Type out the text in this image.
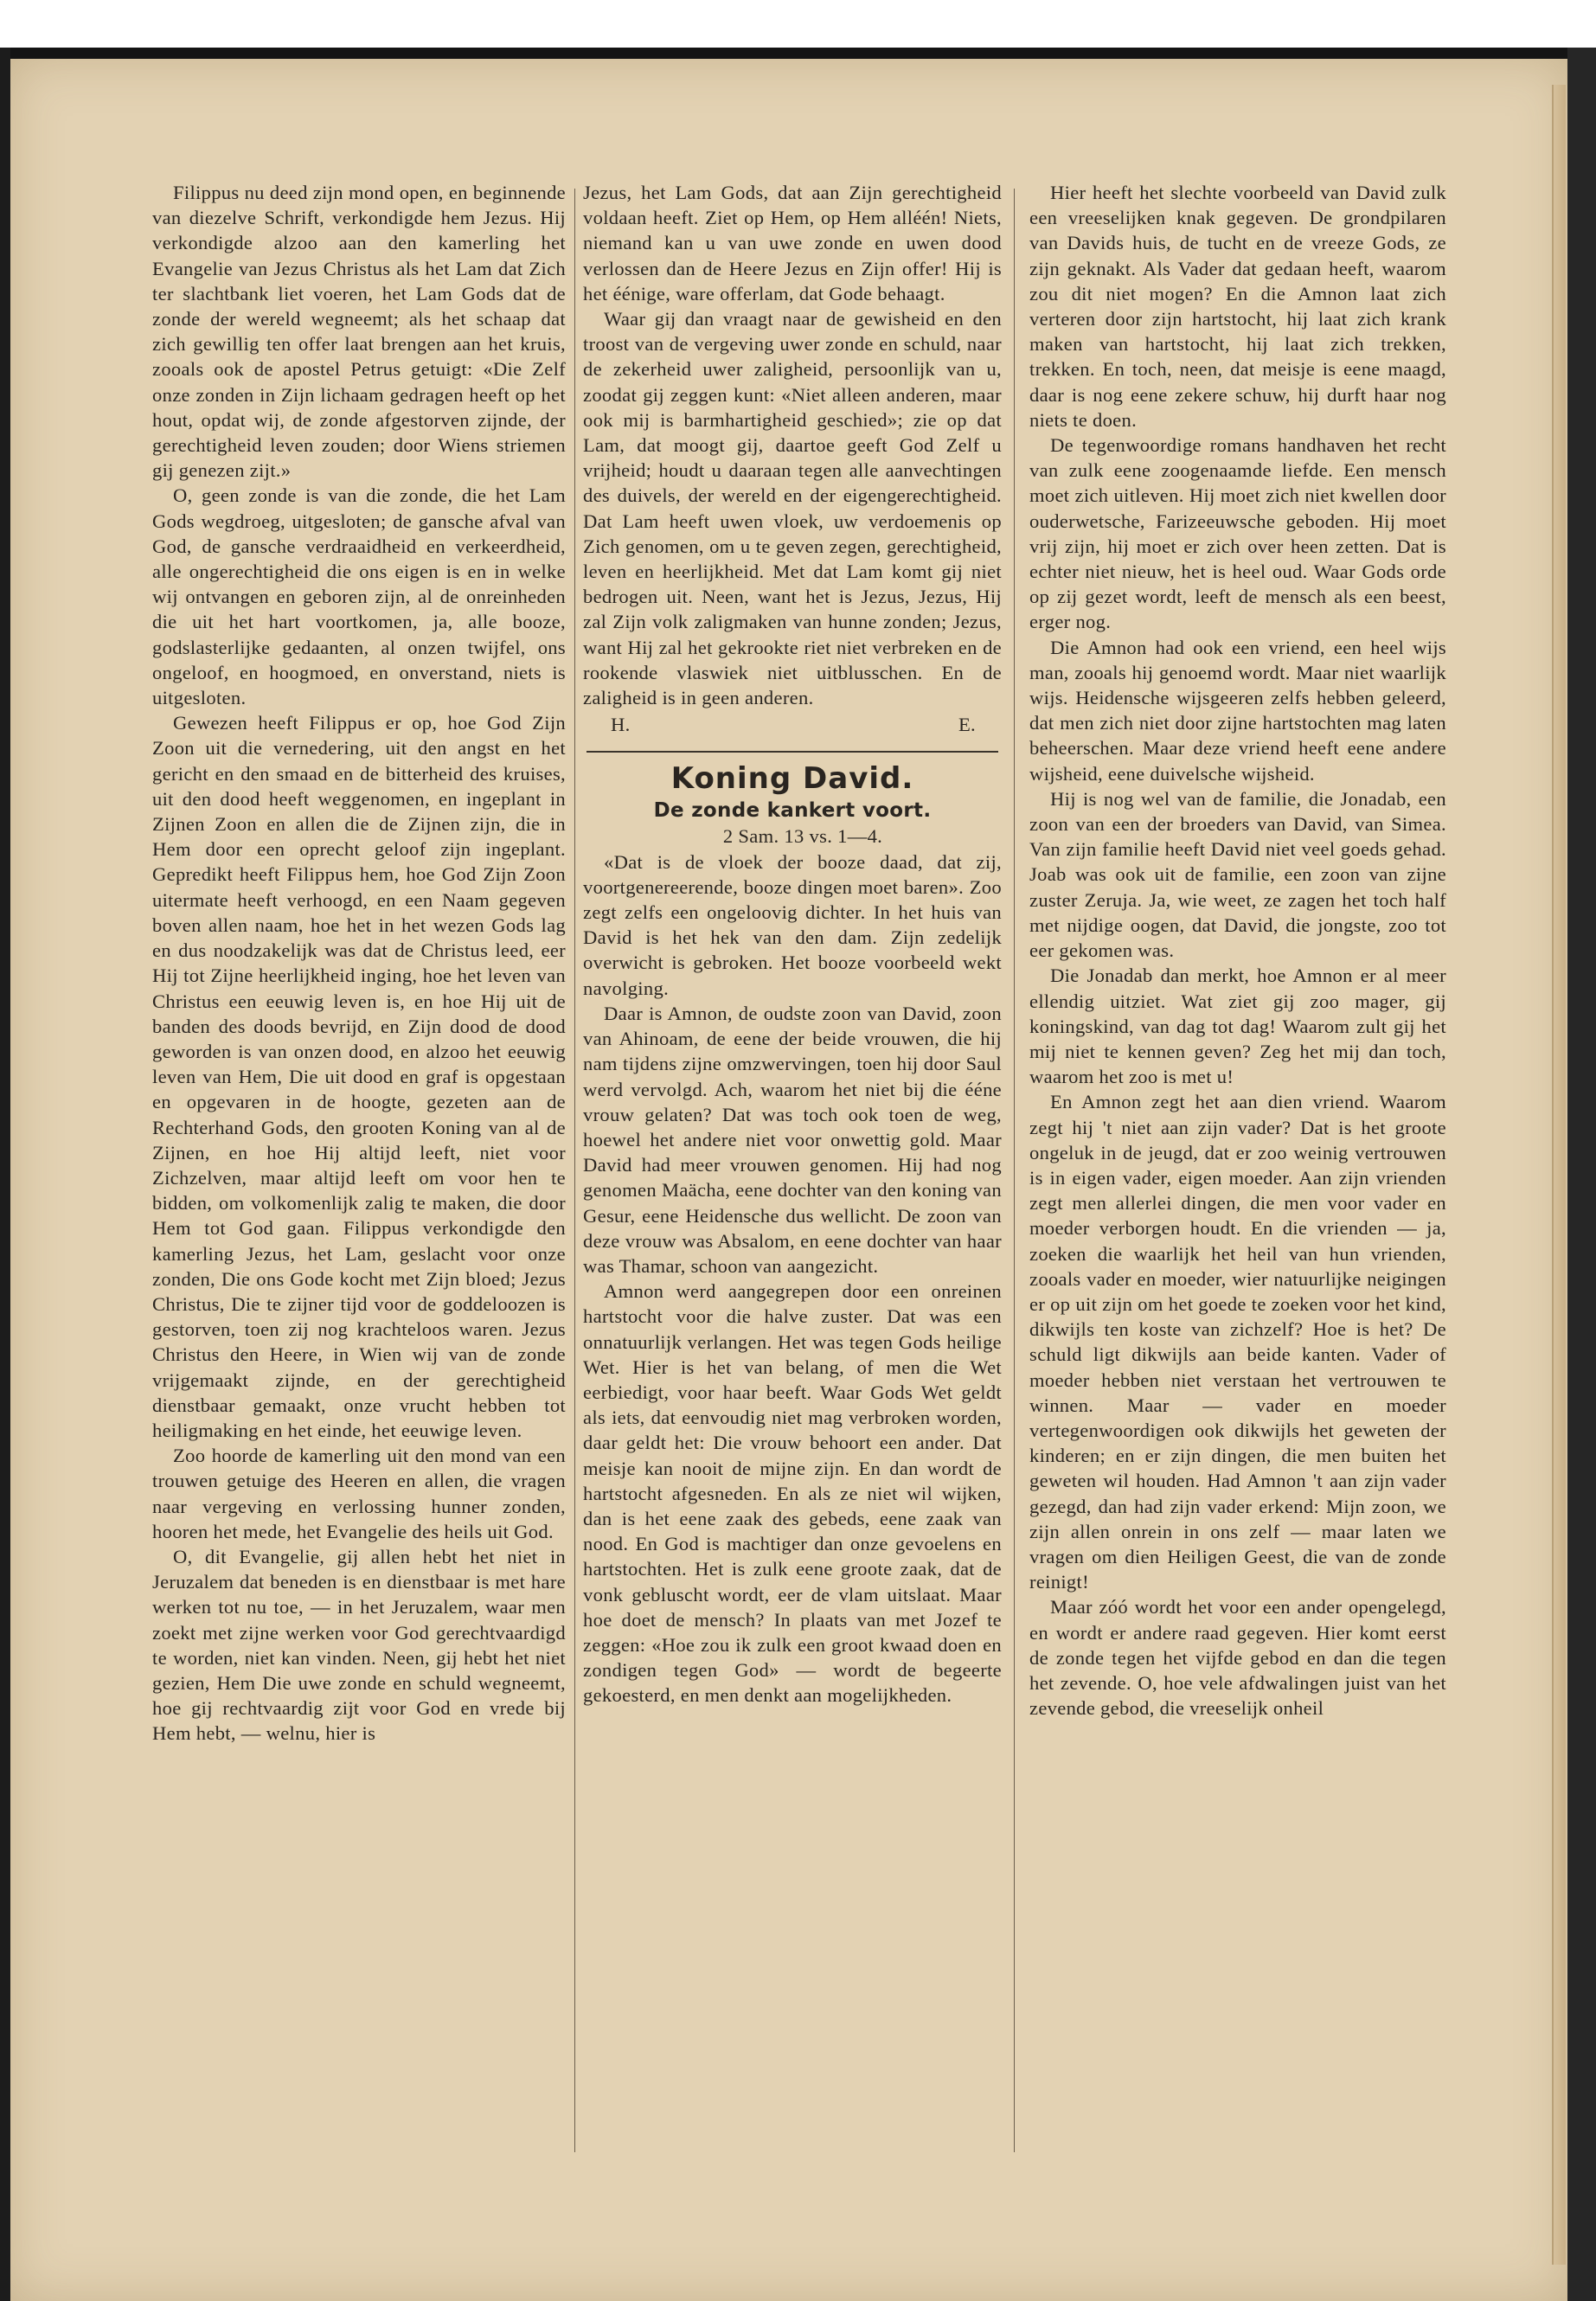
Filippus nu deed zijn mond open, en beginnende van diezelve Schrift, verkondigde hem Jezus. Hij verkondigde alzoo aan den kamerling het Evangelie van Jezus Christus als het Lam dat Zich ter slachtbank liet voeren, het Lam Gods dat de zonde der wereld wegneemt; als het schaap dat zich gewillig ten offer laat brengen aan het kruis, zooals ook de apostel Petrus getuigt: «Die Zelf onze zonden in Zijn lichaam gedragen heeft op het hout, opdat wij, de zonde afgestorven zijnde, der gerechtigheid leven zouden; door Wiens striemen gij genezen zijt.»

O, geen zonde is van die zonde, die het Lam Gods wegdroeg, uitgesloten; de gansche afval van God, de gansche verdraaidheid en verkeerdheid, alle ongerechtigheid die ons eigen is en in welke wij ontvangen en geboren zijn, al de onreinheden die uit het hart voortkomen, ja, alle booze, godslasterlijke gedaanten, al onzen twijfel, ons ongeloof, en hoogmoed, en onverstand, niets is uitgesloten.

Gewezen heeft Filippus er op, hoe God Zijn Zoon uit die vernedering, uit den angst en het gericht en den smaad en de bitterheid des kruises, uit den dood heeft weggenomen, en ingeplant in Zijnen Zoon en allen die de Zijnen zijn, die in Hem door een oprecht geloof zijn ingeplant. Gepredikt heeft Filippus hem, hoe God Zijn Zoon uitermate heeft verhoogd, en een Naam gegeven boven allen naam, hoe het in het wezen Gods lag en dus noodzakelijk was dat de Christus leed, eer Hij tot Zijne heerlijkheid inging, hoe het leven van Christus een eeuwig leven is, en hoe Hij uit de banden des doods bevrijd, en Zijn dood de dood geworden is van onzen dood, en alzoo het eeuwig leven van Hem, Die uit dood en graf is opgestaan en opgevaren in de hoogte, gezeten aan de Rechterhand Gods, den grooten Koning van al de Zijnen, en hoe Hij altijd leeft, niet voor Zichzelven, maar altijd leeft om voor hen te bidden, om volkomenlijk zalig te maken, die door Hem tot God gaan. Filippus verkondigde den kamerling Jezus, het Lam, geslacht voor onze zonden, Die ons Gode kocht met Zijn bloed; Jezus Christus, Die te zijner tijd voor de goddeloozen is gestorven, toen zij nog krachteloos waren. Jezus Christus den Heere, in Wien wij van de zonde vrijgemaakt zijnde, en der gerechtigheid dienstbaar gemaakt, onze vrucht hebben tot heiligmaking en het einde, het eeuwige leven.

Zoo hoorde de kamerling uit den mond van een trouwen getuige des Heeren en allen, die vragen naar vergeving en verlossing hunner zonden, hooren het mede, het Evangelie des heils uit God.

O, dit Evangelie, gij allen hebt het niet in Jeruzalem dat beneden is en dienstbaar is met hare werken tot nu toe, — in het Jeruzalem, waar men zoekt met zijne werken voor God gerechtvaardigd te worden, niet kan vinden. Neen, gij hebt het niet gezien, Hem Die uwe zonde en schuld wegneemt, hoe gij rechtvaardig zijt voor God en vrede bij Hem hebt, — welnu, hier is

Jezus, het Lam Gods, dat aan Zijn gerechtigheid voldaan heeft. Ziet op Hem, op Hem alléén! Niets, niemand kan u van uwe zonde en uwen dood verlossen dan de Heere Jezus en Zijn offer! Hij is het éénige, ware offerlam, dat Gode behaagt.

Waar gij dan vraagt naar de gewisheid en den troost van de vergeving uwer zonde en schuld, naar de zekerheid uwer zaligheid, persoonlijk van u, zoodat gij zeggen kunt: «Niet alleen anderen, maar ook mij is barmhartigheid geschied»; zie op dat Lam, dat moogt gij, daartoe geeft God Zelf u vrijheid; houdt u daaraan tegen alle aanvechtingen des duivels, der wereld en der eigengerechtigheid. Dat Lam heeft uwen vloek, uw verdoemenis op Zich genomen, om u te geven zegen, gerechtigheid, leven en heerlijkheid. Met dat Lam komt gij niet bedrogen uit. Neen, want het is Jezus, Jezus, Hij zal Zijn volk zaligmaken van hunne zonden; Jezus, want Hij zal het gekrookte riet niet verbreken en de rookende vlaswiek niet uitblusschen. En de zaligheid is in geen anderen.

H.	E.
Koning David.
De zonde kankert voort.

2 Sam. 13 vs. 1—4.

«Dat is de vloek der booze daad, dat zij, voortgenereerende, booze dingen moet baren». Zoo zegt zelfs een ongeloovig dichter. In het huis van David is het hek van den dam. Zijn zedelijk overwicht is gebroken. Het booze voorbeeld wekt navolging.

Daar is Amnon, de oudste zoon van David, zoon van Ahinoam, de eene der beide vrouwen, die hij nam tijdens zijne omzwervingen, toen hij door Saul werd vervolgd. Ach, waarom het niet bij die ééne vrouw gelaten? Dat was toch ook toen de weg, hoewel het andere niet voor onwettig gold. Maar David had meer vrouwen genomen. Hij had nog genomen Maächa, eene dochter van den koning van Gesur, eene Heidensche dus wellicht. De zoon van deze vrouw was Absalom, en eene dochter van haar was Thamar, schoon van aangezicht.

Amnon werd aangegrepen door een onreinen hartstocht voor die halve zuster. Dat was een onnatuurlijk verlangen. Het was tegen Gods heilige Wet. Hier is het van belang, of men die Wet eerbiedigt, voor haar beeft. Waar Gods Wet geldt als iets, dat eenvoudig niet mag verbroken worden, daar geldt het: Die vrouw behoort een ander. Dat meisje kan nooit de mijne zijn. En dan wordt de hartstocht afgesneden. En als ze niet wil wijken, dan is het eene zaak des gebeds, eene zaak van nood. En God is machtiger dan onze gevoelens en hartstochten. Het is zulk eene groote zaak, dat de vonk gebluscht wordt, eer de vlam uitslaat. Maar hoe doet de mensch? In plaats van met Jozef te zeggen: «Hoe zou ik zulk een groot kwaad doen en zondigen tegen God» — wordt de begeerte gekoesterd, en men denkt aan mogelijkheden.

Hier heeft het slechte voorbeeld van David zulk een vreeselijken knak gegeven. De grondpilaren van Davids huis, de tucht en de vreeze Gods, ze zijn geknakt. Als Vader dat gedaan heeft, waarom zou dit niet mogen? En die Amnon laat zich verteren door zijn hartstocht, hij laat zich krank maken van hartstocht, hij laat zich trekken, trekken. En toch, neen, dat meisje is eene maagd, daar is nog eene zekere schuw, hij durft haar nog niets te doen.

De tegenwoordige romans handhaven het recht van zulk eene zoogenaamde liefde. Een mensch moet zich uitleven. Hij moet zich niet kwellen door ouderwetsche, Farizeeuwsche geboden. Hij moet vrij zijn, hij moet er zich over heen zetten. Dat is echter niet nieuw, het is heel oud. Waar Gods orde op zij gezet wordt, leeft de mensch als een beest, erger nog.

Die Amnon had ook een vriend, een heel wijs man, zooals hij genoemd wordt. Maar niet waarlijk wijs. Heidensche wijsgeeren zelfs hebben geleerd, dat men zich niet door zijne hartstochten mag laten beheerschen. Maar deze vriend heeft eene andere wijsheid, eene duivelsche wijsheid.

Hij is nog wel van de familie, die Jonadab, een zoon van een der broeders van David, van Simea. Van zijn familie heeft David niet veel goeds gehad. Joab was ook uit de familie, een zoon van zijne zuster Zeruja. Ja, wie weet, ze zagen het toch half met nijdige oogen, dat David, die jongste, zoo tot eer gekomen was.

Die Jonadab dan merkt, hoe Amnon er al meer ellendig uitziet. Wat ziet gij zoo mager, gij koningskind, van dag tot dag! Waarom zult gij het mij niet te kennen geven? Zeg het mij dan toch, waarom het zoo is met u!

En Amnon zegt het aan dien vriend. Waarom zegt hij 't niet aan zijn vader? Dat is het groote ongeluk in de jeugd, dat er zoo weinig vertrouwen is in eigen vader, eigen moeder. Aan zijn vrienden zegt men allerlei dingen, die men voor vader en moeder verborgen houdt. En die vrienden — ja, zoeken die waarlijk het heil van hun vrienden, zooals vader en moeder, wier natuurlijke neigingen er op uit zijn om het goede te zoeken voor het kind, dikwijls ten koste van zichzelf? Hoe is het? De schuld ligt dikwijls aan beide kanten. Vader of moeder hebben niet verstaan het vertrouwen te winnen. Maar — vader en moeder vertegenwoordigen ook dikwijls het geweten der kinderen; en er zijn dingen, die men buiten het geweten wil houden. Had Amnon 't aan zijn vader gezegd, dan had zijn vader erkend: Mijn zoon, we zijn allen onrein in ons zelf — maar laten we vragen om dien Heiligen Geest, die van de zonde reinigt!

Maar zóó wordt het voor een ander opengelegd, en wordt er andere raad gegeven. Hier komt eerst de zonde tegen het vijfde gebod en dan die tegen het zevende. O, hoe vele afdwalingen juist van het zevende gebod, die vreeselijk onheil
